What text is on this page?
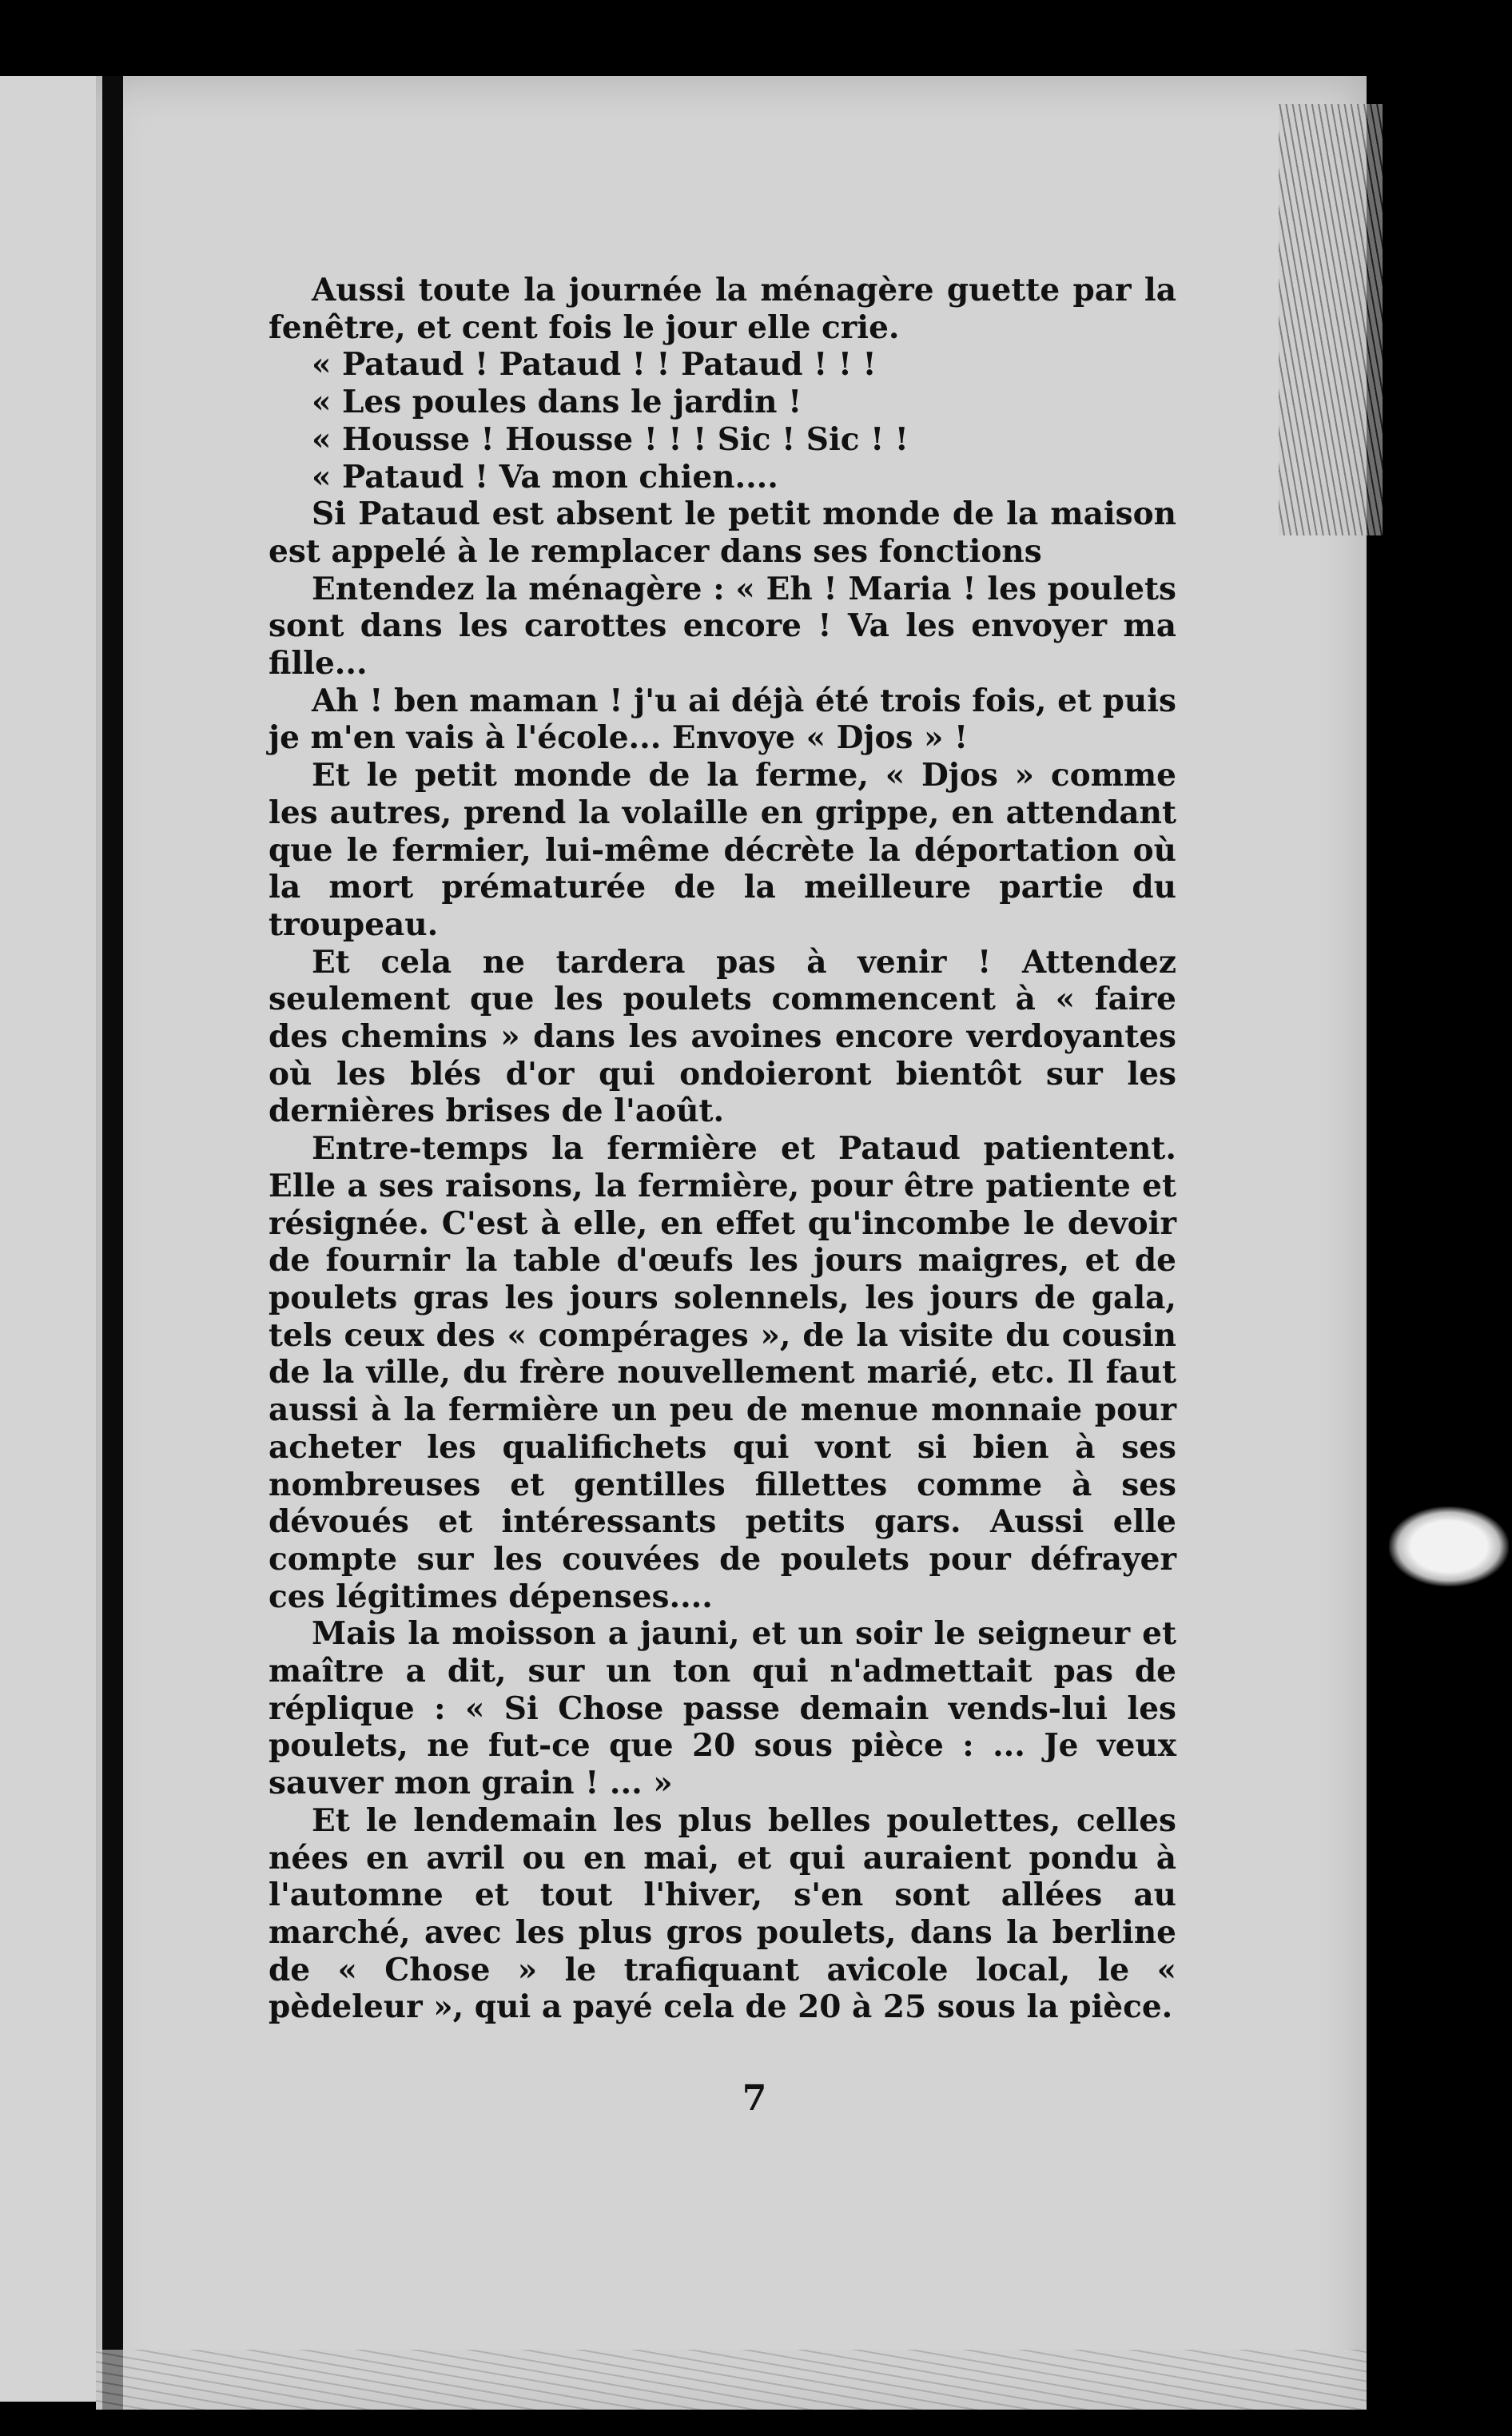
Aussi toute la journée la ménagère guette par la fenêtre, et cent fois le jour elle crie.

« Pataud ! Pataud ! ! Pataud ! ! !

« Les poules dans le jardin !

« Housse ! Housse ! ! ! Sic ! Sic ! !

« Pataud ! Va mon chien....

Si Pataud est absent le petit monde de la maison est appelé à le remplacer dans ses fonctions

Entendez la ménagère : « Eh ! Maria ! les poulets sont dans les carottes encore ! Va les envoyer ma fille...

Ah ! ben maman ! j'u ai déjà été trois fois, et puis je m'en vais à l'école... Envoye « Djos » !

Et le petit monde de la ferme, « Djos » comme les autres, prend la volaille en grippe, en attendant que le fermier, lui-même décrète la déportation où la mort prématurée de la meilleure partie du troupeau.

Et cela ne tardera pas à venir ! Attendez seulement que les poulets commencent à « faire des chemins » dans les avoines encore verdoyantes où les blés d'or qui ondoieront bientôt sur les dernières brises de l'août.

Entre-temps la fermière et Pataud patientent. Elle a ses raisons, la fermière, pour être patiente et résignée. C'est à elle, en effet qu'incombe le devoir de fournir la table d'œufs les jours maigres, et de poulets gras les jours solennels, les jours de gala, tels ceux des « compérages », de la visite du cousin de la ville, du frère nouvellement marié, etc. Il faut aussi à la fermière un peu de menue monnaie pour acheter les qualifichets qui vont si bien à ses nombreuses et gentilles fillettes comme à ses dévoués et intéressants petits gars. Aussi elle compte sur les couvées de poulets pour défrayer ces légitimes dépenses....

Mais la moisson a jauni, et un soir le seigneur et maître a dit, sur un ton qui n'admettait pas de réplique : « Si Chose passe demain vends-lui les poulets, ne fut-ce que 20 sous pièce : ... Je veux sauver mon grain ! ... »

Et le lendemain les plus belles poulettes, celles nées en avril ou en mai, et qui auraient pondu à l'automne et tout l'hiver, s'en sont allées au marché, avec les plus gros poulets, dans la berline de « Chose » le trafiquant avicole local, le « pèdeleur », qui a payé cela de 20 à 25 sous la pièce.

7
